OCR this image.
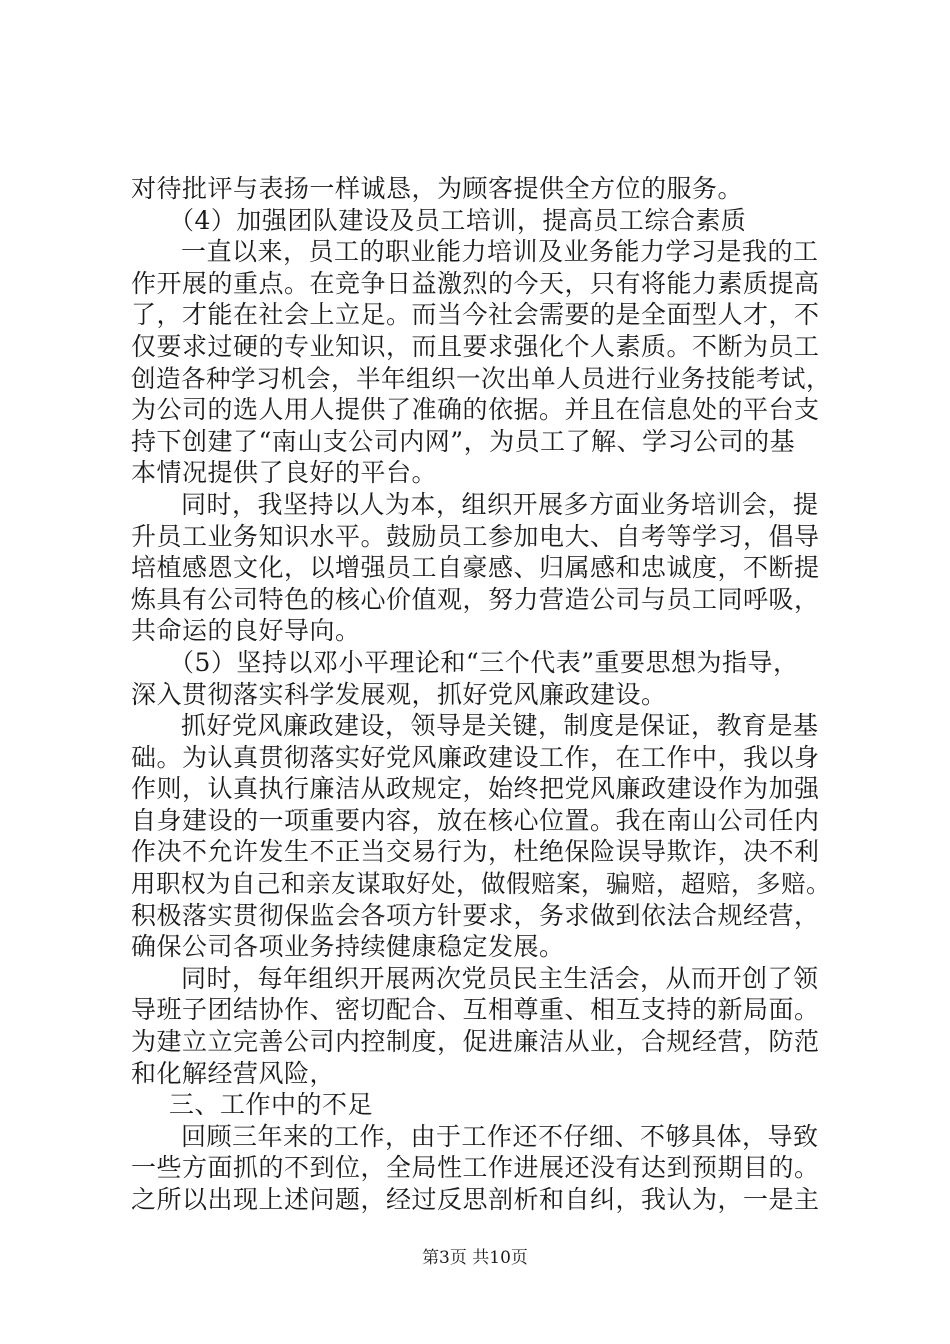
对待批评与表扬一样诚恳，为顾客提供全方位的服务。
（4）加强团队建设及员工培训，提高员工综合素质
一直以来，员工的职业能力培训及业务能力学习是我的工
作开展的重点。在竞争日益激烈的今天，只有将能力素质提高
了，才能在社会上立足。而当今社会需要的是全面型人才，不
仅要求过硬的专业知识，而且要求强化个人素质。不断为员工
创造各种学习机会，半年组织一次出单人员进行业务技能考试，
为公司的选人用人提供了准确的依据。并且在信息处的平台支
持下创建了“南山支公司内网”，为员工了解、学习公司的基
本情况提供了良好的平台。
同时，我坚持以人为本，组织开展多方面业务培训会，提
升员工业务知识水平。鼓励员工参加电大、自考等学习，倡导
培植感恩文化，以增强员工自豪感、归属感和忠诚度，不断提
炼具有公司特色的核心价值观，努力营造公司与员工同呼吸，
共命运的良好导向。
（5）坚持以邓小平理论和“三个代表”重要思想为指导，
深入贯彻落实科学发展观，抓好党风廉政建设。
抓好党风廉政建设，领导是关键，制度是保证，教育是基
础。为认真贯彻落实好党风廉政建设工作，在工作中，我以身
作则，认真执行廉洁从政规定，始终把党风廉政建设作为加强
自身建设的一项重要内容，放在核心位置。我在南山公司任内
作决不允许发生不正当交易行为，杜绝保险误导欺诈，决不利
用职权为自己和亲友谋取好处，做假赔案，骗赔，超赔，多赔。
积极落实贯彻保监会各项方针要求，务求做到依法合规经营，
确保公司各项业务持续健康稳定发展。
同时，每年组织开展两次党员民主生活会，从而开创了领
导班子团结协作、密切配合、互相尊重、相互支持的新局面。
为建立立完善公司内控制度，促进廉洁从业，合规经营，防范
和化解经营风险，
三、工作中的不足
回顾三年来的工作，由于工作还不仔细、不够具体，导致
一些方面抓的不到位，全局性工作进展还没有达到预期目的。
之所以出现上述问题，经过反思剖析和自纠，我认为，一是主
第3页 共10页
